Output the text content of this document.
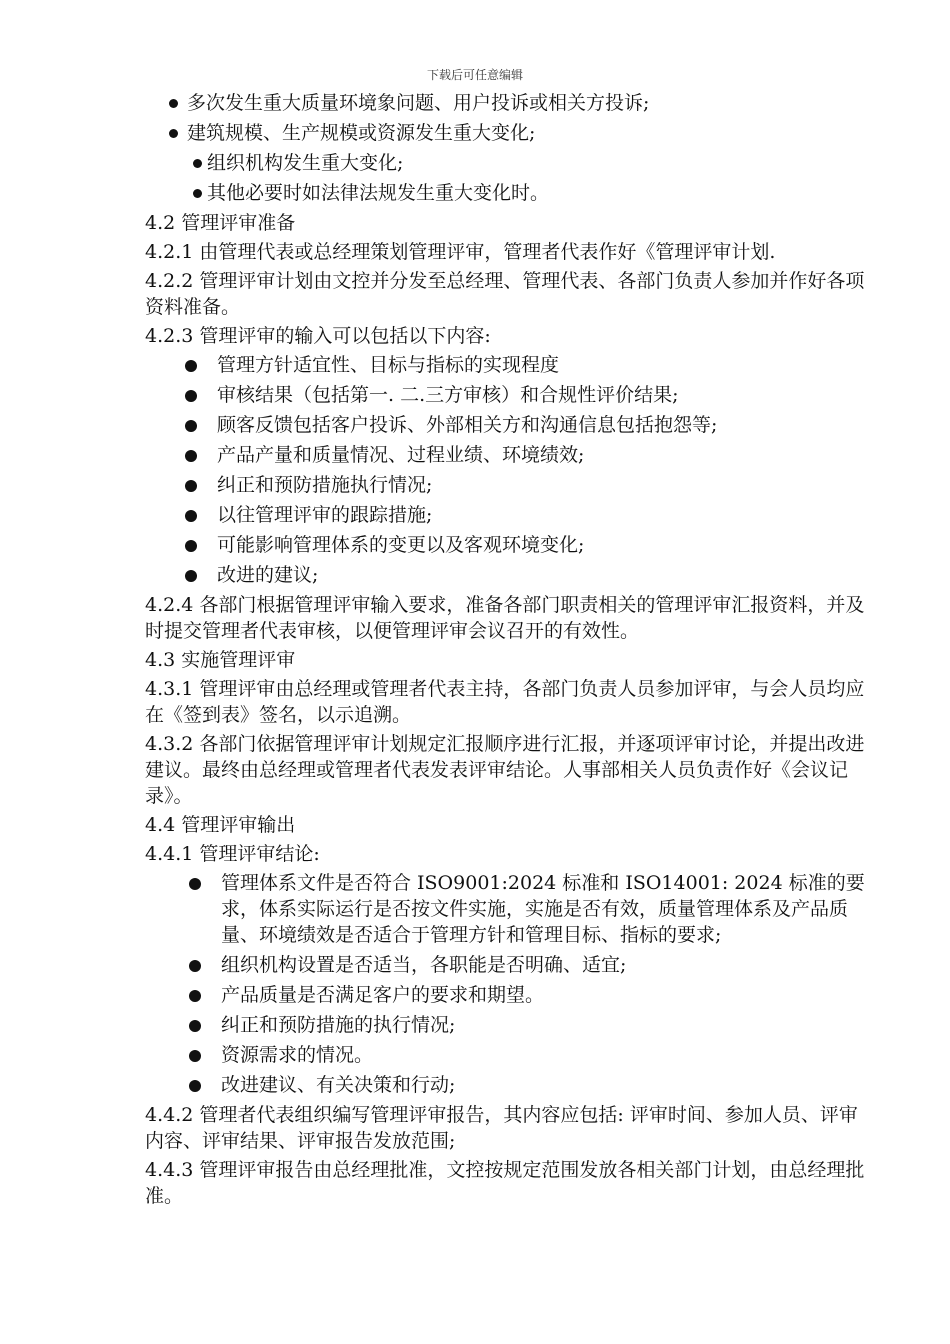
下载后可任意编辑
多次发生重大质量环境象问题、用户投诉或相关方投诉;
建筑规模、生产规模或资源发生重大变化;
组织机构发生重大变化;
其他必要时如法律法规发生重大变化时。
4.2 管理评审准备
4.2.1 由管理代表或总经理策划管理评审，管理者代表作好《管理评审计划.
4.2.2 管理评审计划由文控并分发至总经理、管理代表、各部门负责人参加并作好各项资料准备。
4.2.3 管理评审的输入可以包括以下内容:
管理方针适宜性、目标与指标的实现程度
审核结果（包括第一. 二.三方审核）和合规性评价结果;
顾客反馈包括客户投诉、外部相关方和沟通信息包括抱怨等;
产品产量和质量情况、过程业绩、环境绩效;
纠正和预防措施执行情况;
以往管理评审的跟踪措施;
可能影响管理体系的变更以及客观环境变化;
改进的建议;
4.2.4 各部门根据管理评审输入要求，准备各部门职责相关的管理评审汇报资料，并及时提交管理者代表审核，以便管理评审会议召开的有效性。
4.3 实施管理评审
4.3.1 管理评审由总经理或管理者代表主持，各部门负责人员参加评审，与会人员均应在《签到表》签名，以示追溯。
4.3.2 各部门依据管理评审计划规定汇报顺序进行汇报，并逐项评审讨论，并提出改进建议。最终由总经理或管理者代表发表评审结论。人事部相关人员负责作好《会议记录》。
4.4 管理评审输出
4.4.1 管理评审结论:
管理体系文件是否符合 ISO9001:2024 标准和 ISO14001: 2024 标准的要求，体系实际运行是否按文件实施，实施是否有效，质量管理体系及产品质量、环境绩效是否适合于管理方针和管理目标、指标的要求;
组织机构设置是否适当，各职能是否明确、适宜;
产品质量是否满足客户的要求和期望。
纠正和预防措施的执行情况;
资源需求的情况。
改进建议、有关决策和行动;
4.4.2 管理者代表组织编写管理评审报告，其内容应包括: 评审时间、参加人员、评审内容、评审结果、评审报告发放范围;
4.4.3 管理评审报告由总经理批准，文控按规定范围发放各相关部门计划，由总经理批准。
